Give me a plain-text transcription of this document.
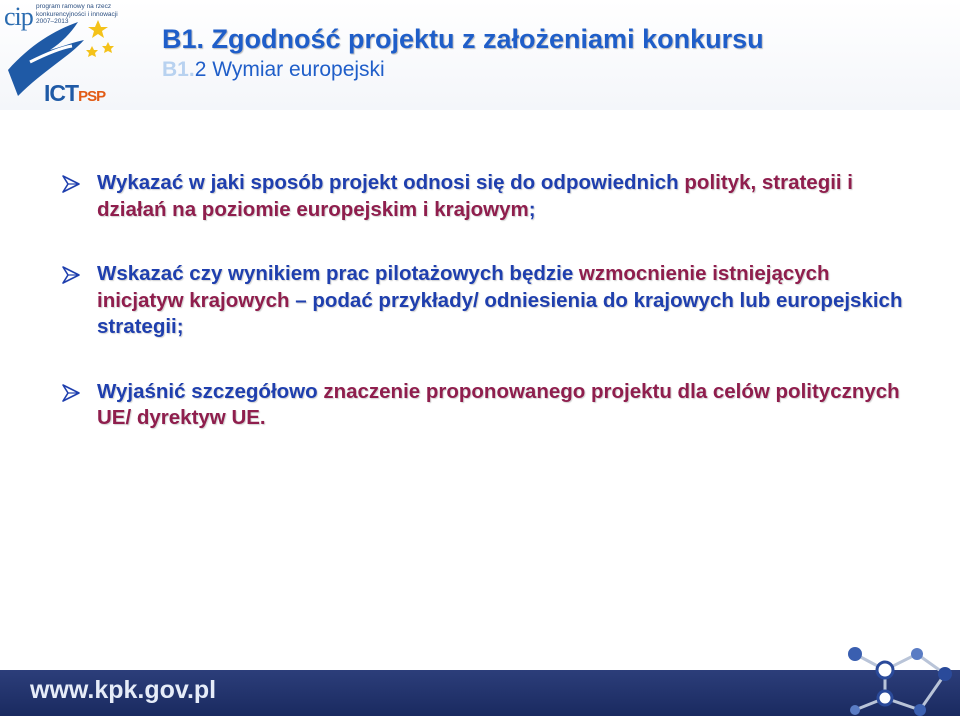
cip program ramowy na rzecz
konkurencyjności i innowacji
2007–2013
ICTPSP
B1. Zgodność projektu z założeniami konkursu
B1.2 Wymiar europejski
Wykazać w jaki sposób projekt odnosi się do odpowiednich polityk, strategii i działań na poziomie europejskim i krajowym;
Wskazać czy wynikiem prac pilotażowych będzie wzmocnienie istniejących inicjatyw krajowych – podać przykłady/ odniesienia do krajowych lub europejskich strategii;
Wyjaśnić szczegółowo znaczenie proponowanego projektu dla celów politycznych UE/ dyrektyw UE.
www.kpk.gov.pl
